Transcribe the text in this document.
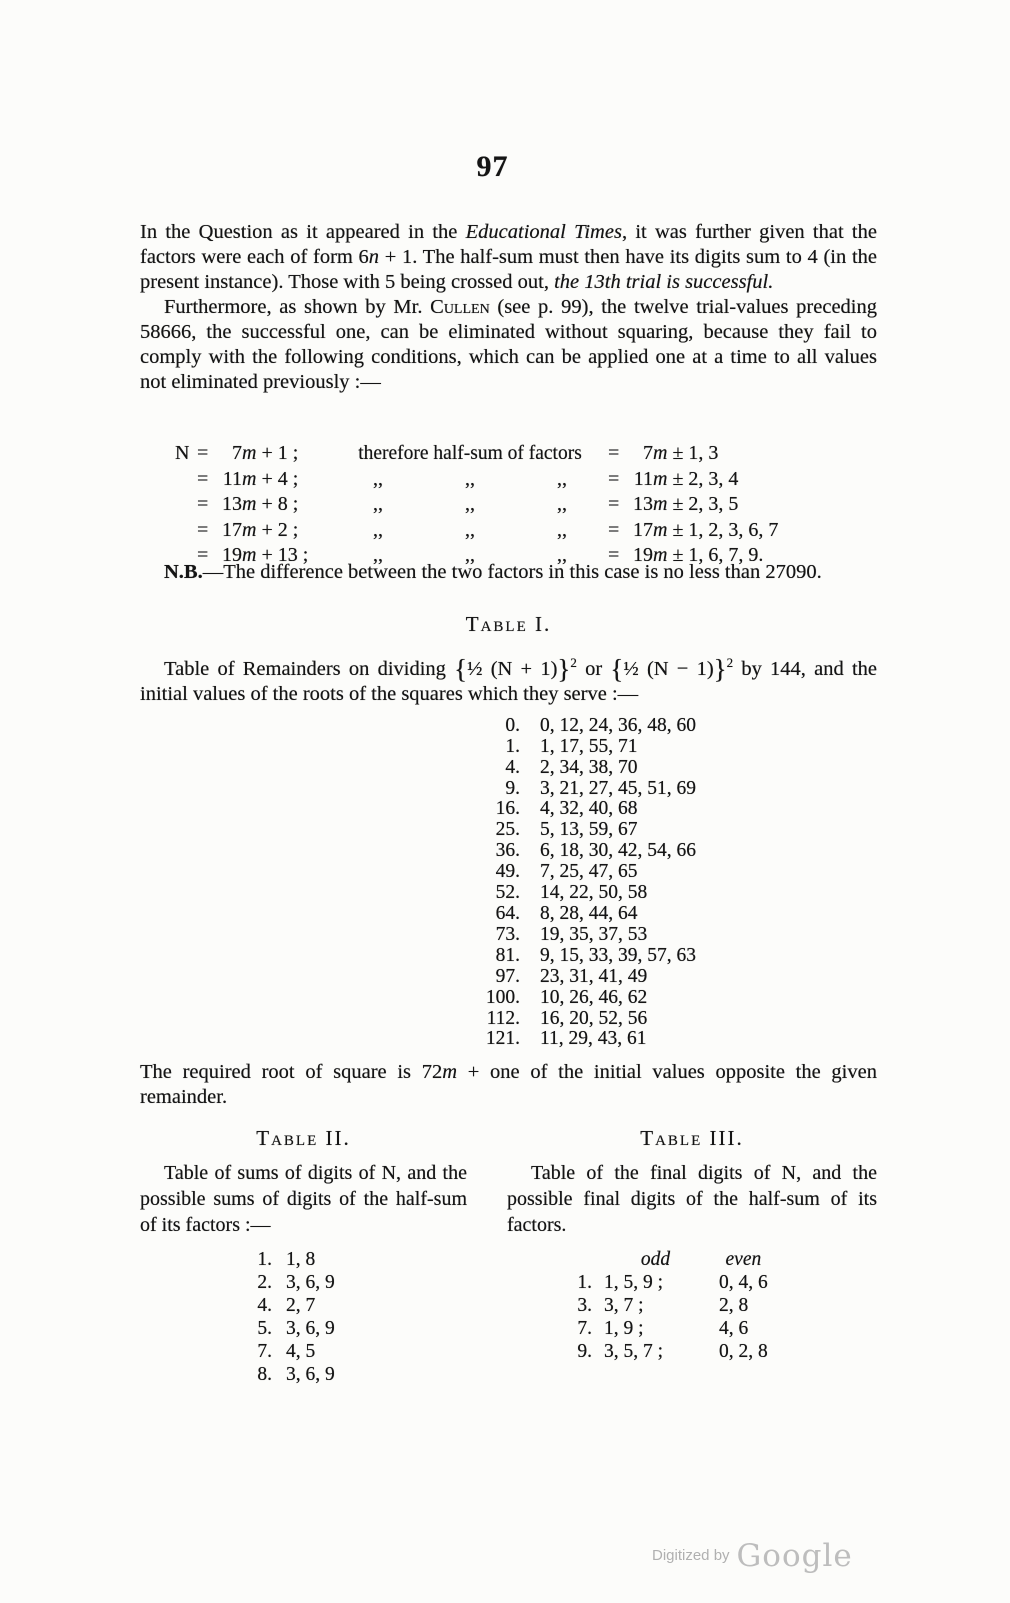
97

In the Question as it appeared in the Educational Times, it was further given that the factors were each of form 6n + 1. The half-sum must then have its digits sum to 4 (in the present instance). Those with 5 being crossed out, the 13th trial is successful.

Furthermore, as shown by Mr. Cullen (see p. 99), the twelve trial-values preceding 58666, the successful one, can be eliminated without squaring, because they fail to comply with the following conditions, which can be applied one at a time to all values not eliminated previously :—

N	= 7m + 1 ;	therefore half-sum of factors			= 7m ± 1, 3
	= 11m + 4 ;	,,	,,	,,	= 11m ± 2, 3, 4
	= 13m + 8 ;	,,	,,	,,	= 13m ± 2, 3, 5
	= 17m + 2 ;	,,	,,	,,	= 17m ± 1, 2, 3, 6, 7
	= 19m + 13 ;	,,	,,	,,	= 19m ± 1, 6, 7, 9.

N.B.—The difference between the two factors in this case is no less than 27090.

Table I.

Table of Remainders on dividing {½ (N + 1)}$^2$ or {½ (N − 1)}$^2$ by 144, and the initial values of the roots of the squares which they serve :—

0.	0, 12, 24, 36, 48, 60
1.	1, 17, 55, 71
4.	2, 34, 38, 70
9.	3, 21, 27, 45, 51, 69
16.	4, 32, 40, 68
25.	5, 13, 59, 67
36.	6, 18, 30, 42, 54, 66
49.	7, 25, 47, 65
52.	14, 22, 50, 58
64.	8, 28, 44, 64
73.	19, 35, 37, 53
81.	9, 15, 33, 39, 57, 63
97.	23, 31, 41, 49
100.	10, 26, 46, 62
112.	16, 20, 52, 56
121.	11, 29, 43, 61

The required root of square is 72m + one of the initial values opposite the given remainder.

Table II.

Table of sums of digits of N, and the possible sums of digits of the half-sum of its factors :—

1.	1, 8
2.	3, 6, 9
4.	2, 7
5.	3, 6, 9
7.	4, 5
8.	3, 6, 9

Table III.

Table of the final digits of N, and the possible final digits of the half-sum of its factors.

	odd	even
1.	1, 5, 9 ;	0, 4, 6
3.	3, 7 ;	2, 8
7.	1, 9 ;	4, 6
9.	3, 5, 7 ;	0, 2, 8
Digitized by Google
